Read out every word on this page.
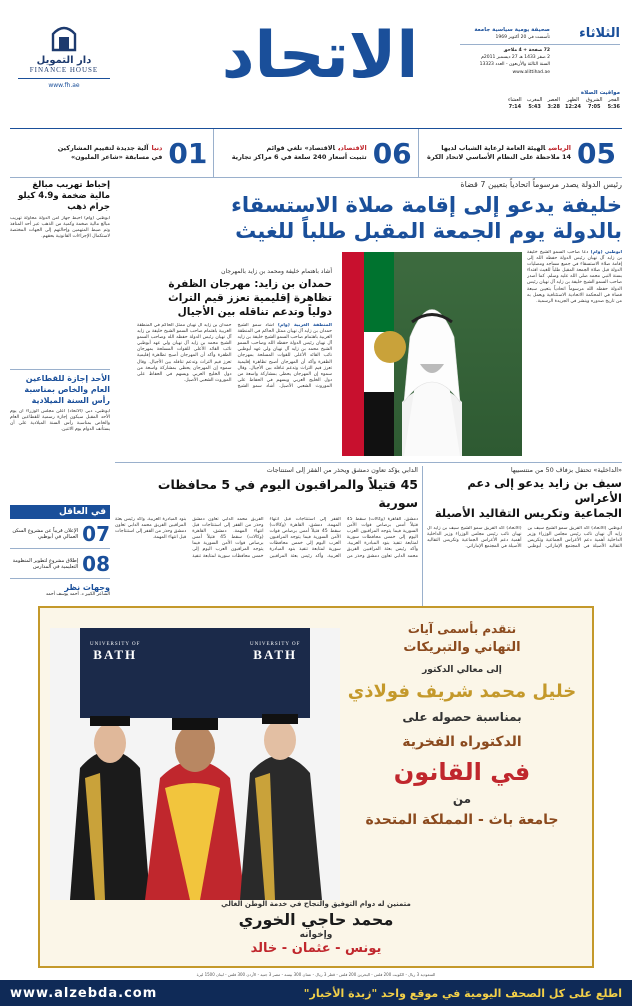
الثلاثاء
صحيفة يومية سياسية جامعة
تأسست في 20 أكتوبر 1969
72 صفحة + 4 ملاحق
2 صفر 1433 هـ 27 ديسمبر 2011م
السنة الثالثة والأربعون - العدد 13323
www.alittihad.ae
الاتحاد
دار التمويل
FINANCE HOUSE
www.fh.ae
مواقيت الصلاة
الفجر
5:36
الشروق
7:05
الظهر
12:24
العصر
3:28
المغرب
5:43
العشاء
7:14
05
الرياضيالهيئة العامة لرعاية الشباب لديها
14 ملاحظة على النظام الأساسي لاتحاد الكرة
06
الاقتصاديالاقتصاد» تلغي قوائم
تثبيت أسعار 240 سلعة في 6 مراكز تجارية
01
دنياآلية جديدة لتقييم المشاركين
في مسابقة «شاعر المليون»
رئيس الدولة يصدر مرسوماً اتحادياً بتعيين 7 قضاة
خليفة يدعو إلى إقامة صلاة الاستسقاء
بالدولة يوم الجمعة المقبل طلباً للغيث
أبوظبي (وام) دعا صاحب السمو الشيخ خليفة بن زايد آل نهيان رئيس الدولة حفظه الله إلى إقامة صلاة الاستسقاء في جميع مساجد ومصليات الدولة قبل صلاة الجمعة المقبل طلباً للغيث اقتداء بسنة النبي محمد صلى الله عليه وسلم. كما أصدر صاحب السمو الشيخ خليفة بن زايد آل نهيان رئيس الدولة حفظه الله مرسوماً اتحادياً بتعيين سبعة قضاة في المحكمة الاتحادية الاستئنافية ويعمل به من تاريخ صدوره وينشر في الجريدة الرسمية.
أشاد باهتمام خليفة ومحمد بن زايد بالمهرجان
حمدان بن زايد: مهرجان الظفرة
تظاهرة إقليمية تعزز قيم التراث
دولياً وتدعم تناقله بين الأجيال
المنطقة الغربية (وام) أشاد سمو الشيخ حمدان بن زايد آل نهيان ممثل الحاكم في المنطقة الغربية باهتمام صاحب السمو الشيخ خليفة بن زايد آل نهيان رئيس الدولة حفظه الله وصاحب السمو الشيخ محمد بن زايد آل نهيان ولي عهد أبوظبي نائب القائد الأعلى للقوات المسلحة بمهرجان الظفرة وأكد أن المهرجان أصبح تظاهرة إقليمية تعزز قيم التراث وتدعم تناقله بين الأجيال. وقال سموه إن المهرجان يحظى بمشاركة واسعة من دول الخليج العربي ويسهم في الحفاظ على الموروث الشعبي الأصيل. أشاد سمو الشيخ حمدان بن زايد آل نهيان ممثل الحاكم في المنطقة الغربية باهتمام صاحب السمو الشيخ خليفة بن زايد آل نهيان رئيس الدولة حفظه الله وصاحب السمو الشيخ محمد بن زايد آل نهيان ولي عهد أبوظبي نائب القائد الأعلى للقوات المسلحة بمهرجان الظفرة وأكد أن المهرجان أصبح تظاهرة إقليمية تعزز قيم التراث وتدعم تناقله بين الأجيال. وقال سموه إن المهرجان يحظى بمشاركة واسعة من دول الخليج العربي ويسهم في الحفاظ على الموروث الشعبي الأصيل.
إحباط تهريب مبالغ مالية ضخمة و4.9 كيلو جرام ذهب
أبوظبي (وام) أحبط جهاز أمن الدولة محاولة تهريب مبالغ مالية ضخمة وكمية من الذهب عبر أحد المنافذ وتم ضبط المتهمين وإحالتهم إلى الجهات المختصة لاستكمال الإجراءات القانونية بحقهم.
الأحد إجازة للقطاعين العام والخاص بمناسبة رأس السنة الميلادية
أبوظبي، دبي (الاتحاد) أعلن مجلس الوزراء أن يوم الأحد المقبل سيكون إجازة رسمية للقطاعين العام والخاص بمناسبة رأس السنة الميلادية على أن يستأنف الدوام يوم الاثنين.
في العاقل
07
الإعلان قريباً عن مشروع السكن العمالي في أبوظبي
08
إطلاق مشروع لتطوير المنظومة التعليمية في المدارس
وجهات نظر
الشاعر الكبير د. أحمد يوسف أحمد
«الداخلية» تحتفل بزفاف 50 من منتسبيها
سيف بن زايد يدعو إلى دعم الأعراس
الجماعية وتكريس التقاليد الأصيلة
أبوظبي (الاتحاد) أكد الفريق سمو الشيخ سيف بن زايد آل نهيان نائب رئيس مجلس الوزراء وزير الداخلية أهمية دعم الأعراس الجماعية وتكريس التقاليد الأصيلة في المجتمع الإماراتي. أبوظبي (الاتحاد) أكد الفريق سمو الشيخ سيف بن زايد آل نهيان نائب رئيس مجلس الوزراء وزير الداخلية أهمية دعم الأعراس الجماعية وتكريس التقاليد الأصيلة في المجتمع الإماراتي.
الدابي يؤكد تعاون دمشق ويحذر من الفقز إلى استنتاجات
45 قتيلاً والمراقبون اليوم في 5 محافظات سورية
دمشق، القاهرة (وكالات) سقط 45 قتيلاً أمس برصاص قوات الأمن السورية فيما يتوجه المراقبون العرب اليوم إلى خمس محافظات سورية لمتابعة تنفيذ بنود المبادرة العربية. وأكد رئيس بعثة المراقبين الفريق محمد الدابي تعاون دمشق وحذر من القفز إلى استنتاجات قبل انتهاء المهمة. دمشق، القاهرة (وكالات) سقط 45 قتيلاً أمس برصاص قوات الأمن السورية فيما يتوجه المراقبون العرب اليوم إلى خمس محافظات سورية لمتابعة تنفيذ بنود المبادرة العربية. وأكد رئيس بعثة المراقبين الفريق محمد الدابي تعاون دمشق وحذر من القفز إلى استنتاجات قبل انتهاء المهمة. دمشق، القاهرة (وكالات) سقط 45 قتيلاً أمس برصاص قوات الأمن السورية فيما يتوجه المراقبون العرب اليوم إلى خمس محافظات سورية لمتابعة تنفيذ بنود المبادرة العربية. وأكد رئيس بعثة المراقبين الفريق محمد الدابي تعاون دمشق وحذر من القفز إلى استنتاجات قبل انتهاء المهمة.
UNIVERSITY OF
BATH
UNIVERSITY OF
BATH
نتقدم بأسمى آيات
التهاني والتبريكات
إلى معالي الدكتور
خليل محمد شريف فولاذي
بمناسبة حصوله على
الدكتوراه الفخرية
في القانون
من
جامعة باث - المملكة المتحدة
متمنين له دوام التوفيق والنجاح في خدمة الوطن الغالي
محمد حاجي الخوري
وإخوانه
يونس - عثمان - خالد
السعودية 3 ريال - الكويت 200 فلس - البحرين 200 فلس - قطر 3 ريال - عمان 300 بيسة - مصر 3 جنيه - الأردن 300 فلس - لبنان 1500 ليرة
اطلع على كل الصحف اليومية في موقع واحد "زبدة الأخبار"
www.alzebda.com
